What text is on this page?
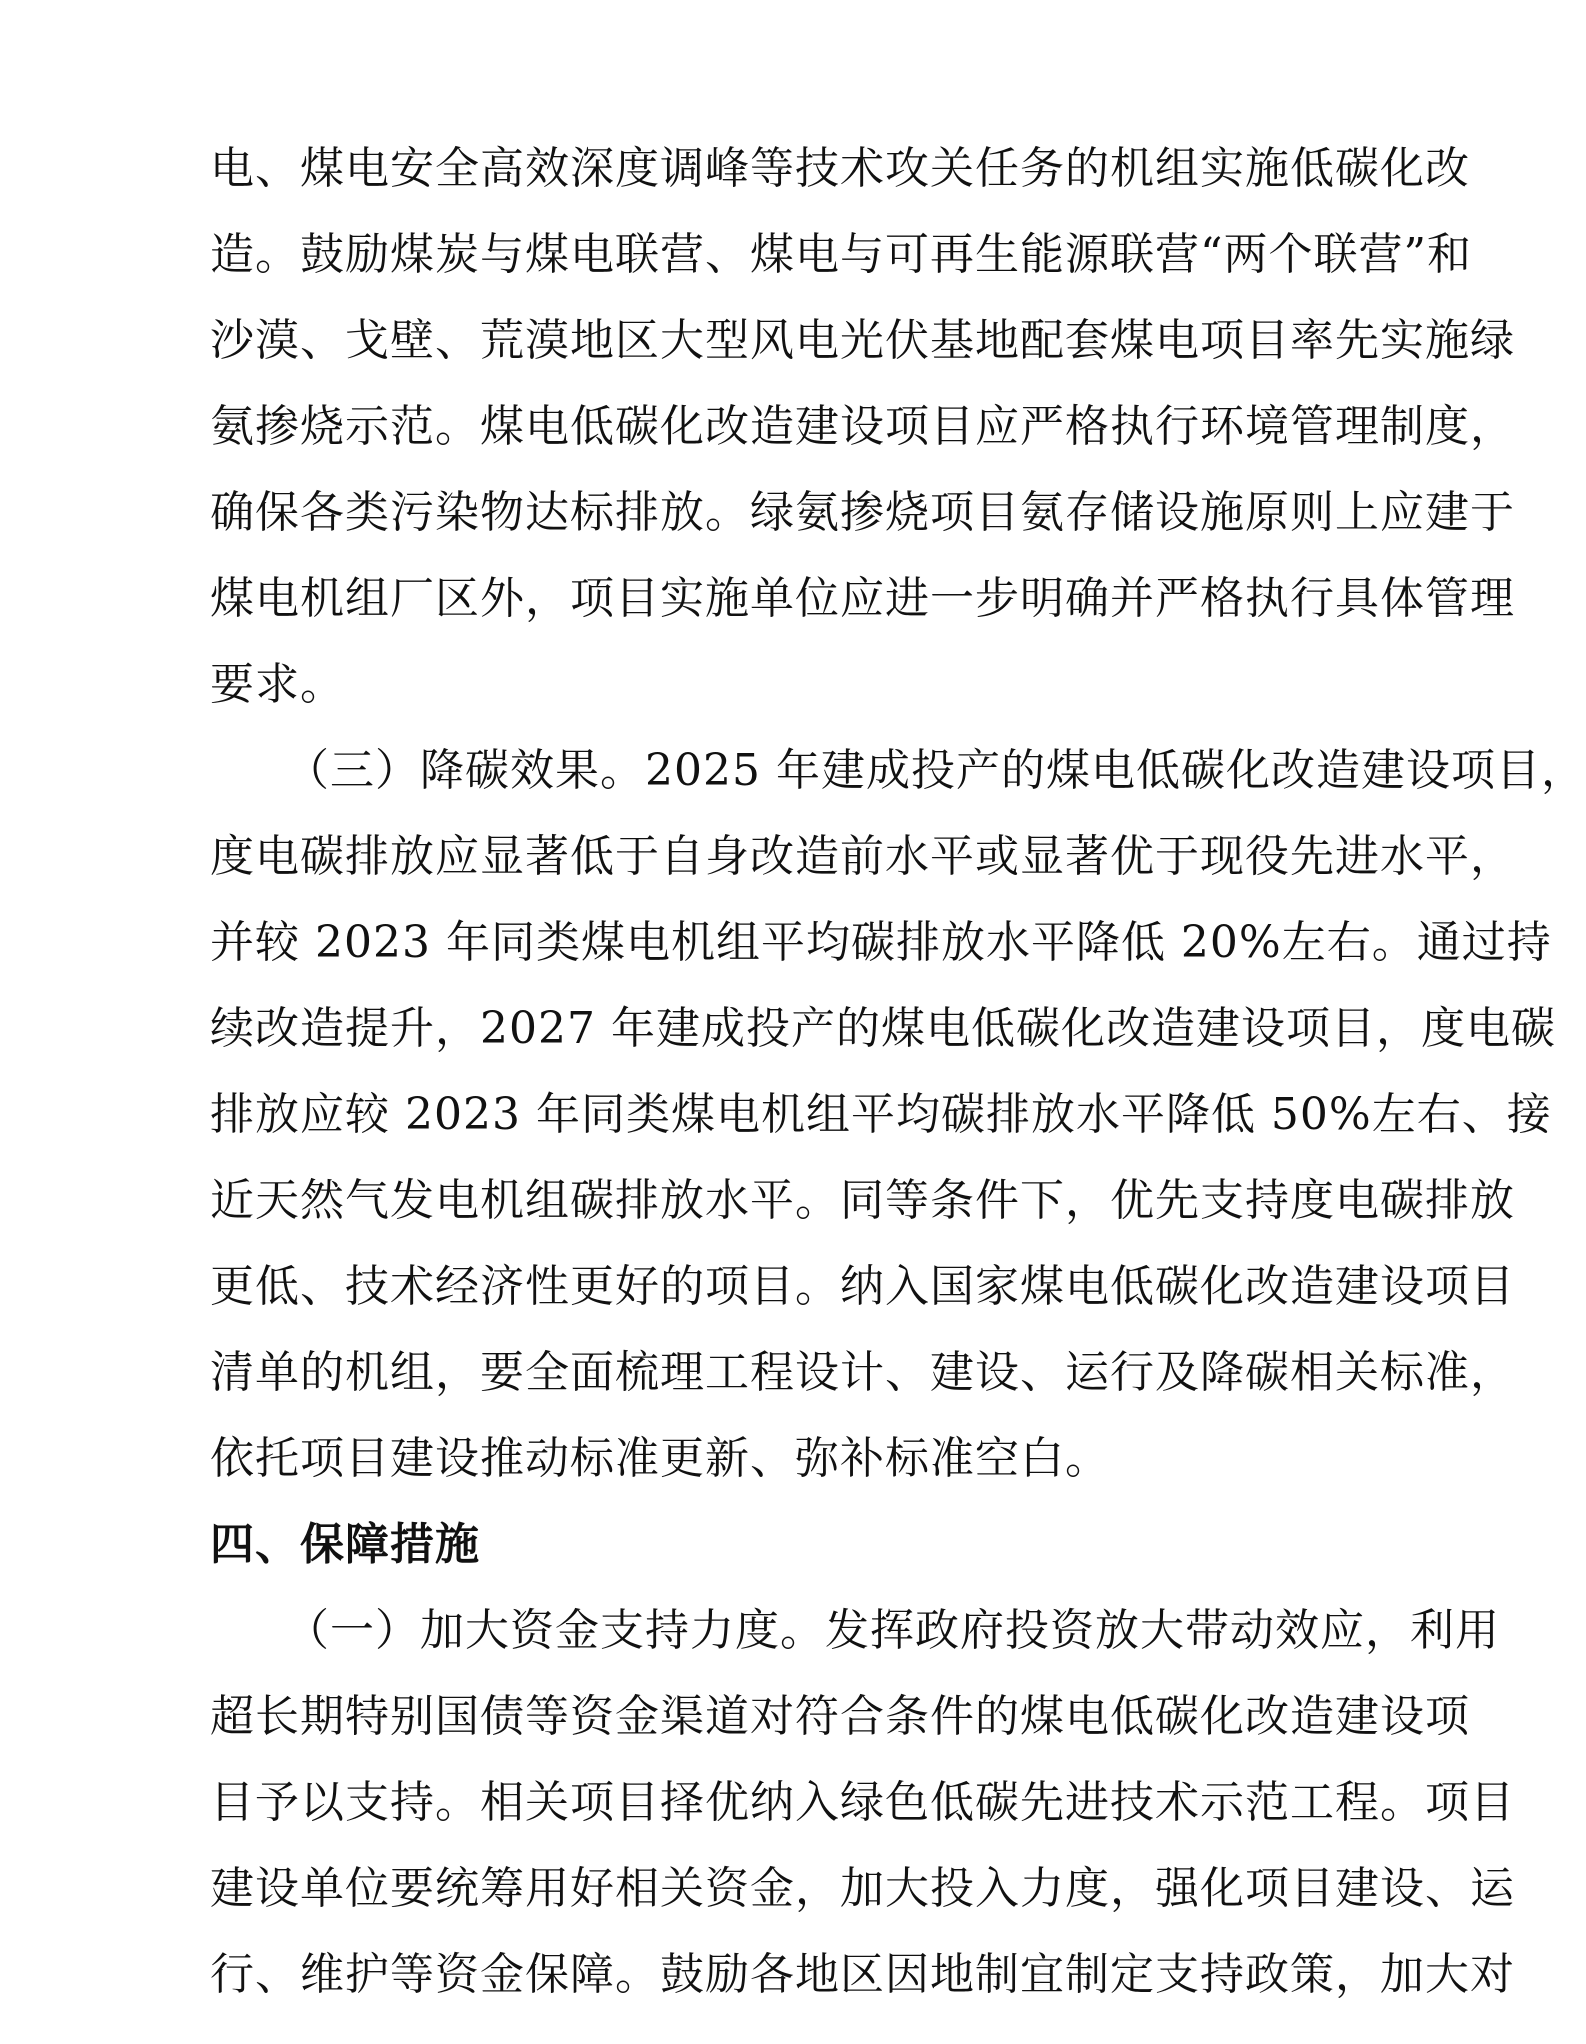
电、煤电安全高效深度调峰等技术攻关任务的机组实施低碳化改
造。鼓励煤炭与煤电联营、煤电与可再生能源联营“两个联营”和
沙漠、戈壁、荒漠地区大型风电光伏基地配套煤电项目率先实施绿
氨掺烧示范。煤电低碳化改造建设项目应严格执行环境管理制度，
确保各类污染物达标排放。绿氨掺烧项目氨存储设施原则上应建于
煤电机组厂区外，项目实施单位应进一步明确并严格执行具体管理
要求。
（三）降碳效果。2025 年建成投产的煤电低碳化改造建设项目，
度电碳排放应显著低于自身改造前水平或显著优于现役先进水平，
并较 2023 年同类煤电机组平均碳排放水平降低 20%左右。通过持
续改造提升，2027 年建成投产的煤电低碳化改造建设项目，度电碳
排放应较 2023 年同类煤电机组平均碳排放水平降低 50%左右、接
近天然气发电机组碳排放水平。同等条件下，优先支持度电碳排放
更低、技术经济性更好的项目。纳入国家煤电低碳化改造建设项目
清单的机组，要全面梳理工程设计、建设、运行及降碳相关标准，
依托项目建设推动标准更新、弥补标准空白。
四、保障措施
（一）加大资金支持力度。发挥政府投资放大带动效应，利用
超长期特别国债等资金渠道对符合条件的煤电低碳化改造建设项
目予以支持。相关项目择优纳入绿色低碳先进技术示范工程。项目
建设单位要统筹用好相关资金，加大投入力度，强化项目建设、运
行、维护等资金保障。鼓励各地区因地制宜制定支持政策，加大对
